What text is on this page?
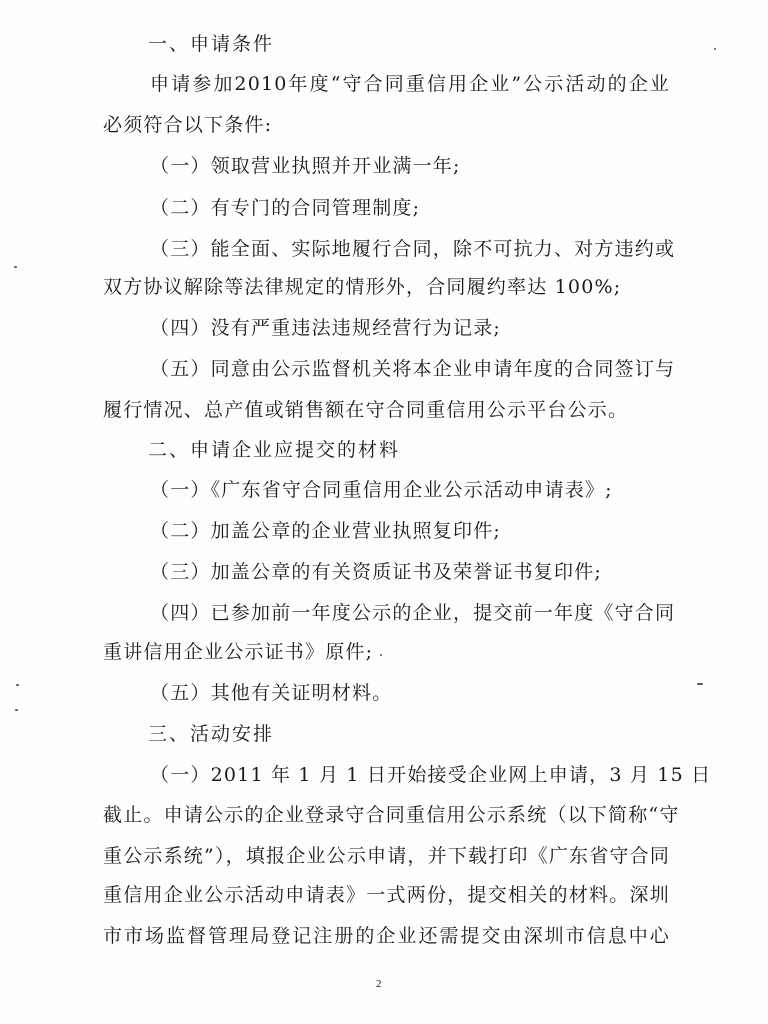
一、申请条件
申请参加2010年度“守合同重信用企业”公示活动的企业
必须符合以下条件:
（一）领取营业执照并开业满一年;
（二）有专门的合同管理制度;
（三）能全面、实际地履行合同，除不可抗力、对方违约或
双方协议解除等法律规定的情形外，合同履约率达 100%;
（四）没有严重违法违规经营行为记录;
（五）同意由公示监督机关将本企业申请年度的合同签订与
履行情况、总产值或销售额在守合同重信用公示平台公示。
二、申请企业应提交的材料
（一）《广东省守合同重信用企业公示活动申请表》;
（二）加盖公章的企业营业执照复印件;
（三）加盖公章的有关资质证书及荣誉证书复印件;
（四）已参加前一年度公示的企业，提交前一年度《守合同
重讲信用企业公示证书》原件;
（五）其他有关证明材料。
三、活动安排
（一）2011 年 1 月 1 日开始接受企业网上申请，3 月 15 日
截止。申请公示的企业登录守合同重信用公示系统（以下简称“守
重公示系统”），填报企业公示申请，并下载打印《广东省守合同
重信用企业公示活动申请表》一式两份，提交相关的材料。深圳
市市场监督管理局登记注册的企业还需提交由深圳市信息中心
2
